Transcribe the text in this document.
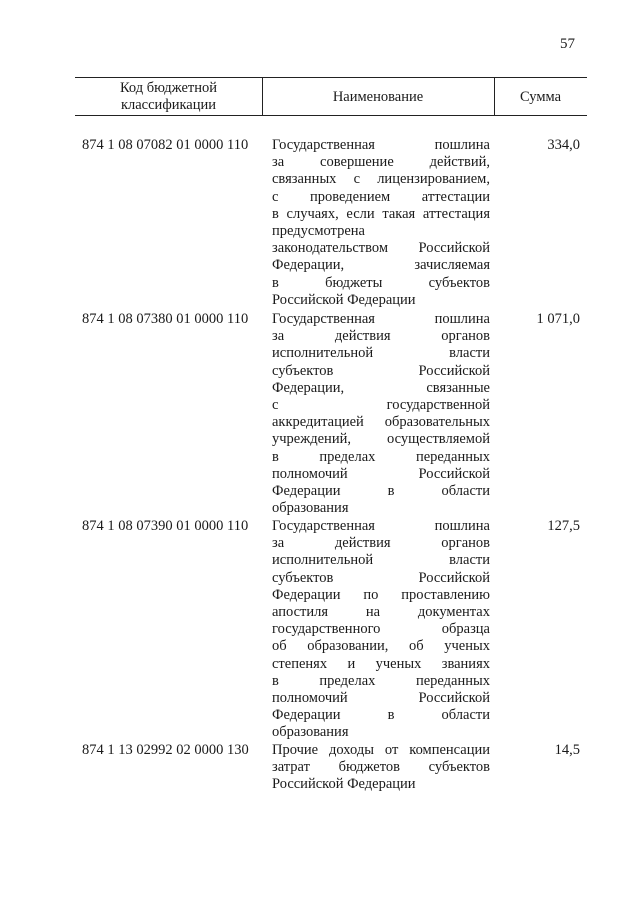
57
Код бюджетной классификации
Наименование	Сумма
874 1 08 07082 01 0000 110 Государственная пошлина
за совершение действий,
связанных с лицензированием,
с проведением аттестации
в случаях, если такая аттестация
предусмотрена
законодательством Российской
Федерации, зачисляемая
в бюджеты субъектов
Российской Федерации
334,0
874 1 08 07380 01 0000 110 Государственная пошлина
за действия органов
исполнительной власти
субъектов Российской
Федерации, связанные
с государственной
аккредитацией образовательных
учреждений, осуществляемой
в пределах переданных
полномочий Российской
Федерации в области
образования
1 071,0
874 1 08 07390 01 0000 110 Государственная пошлина
за действия органов
исполнительной власти
субъектов Российской
Федерации по проставлению
апостиля на документах
государственного образца
об образовании, об ученых
степенях и ученых званиях
в пределах переданных
полномочий Российской
Федерации в области
образования
127,5
874 1 13 02992 02 0000 130 Прочие доходы от компенсации
затрат бюджетов субъектов
Российской Федерации
14,5
